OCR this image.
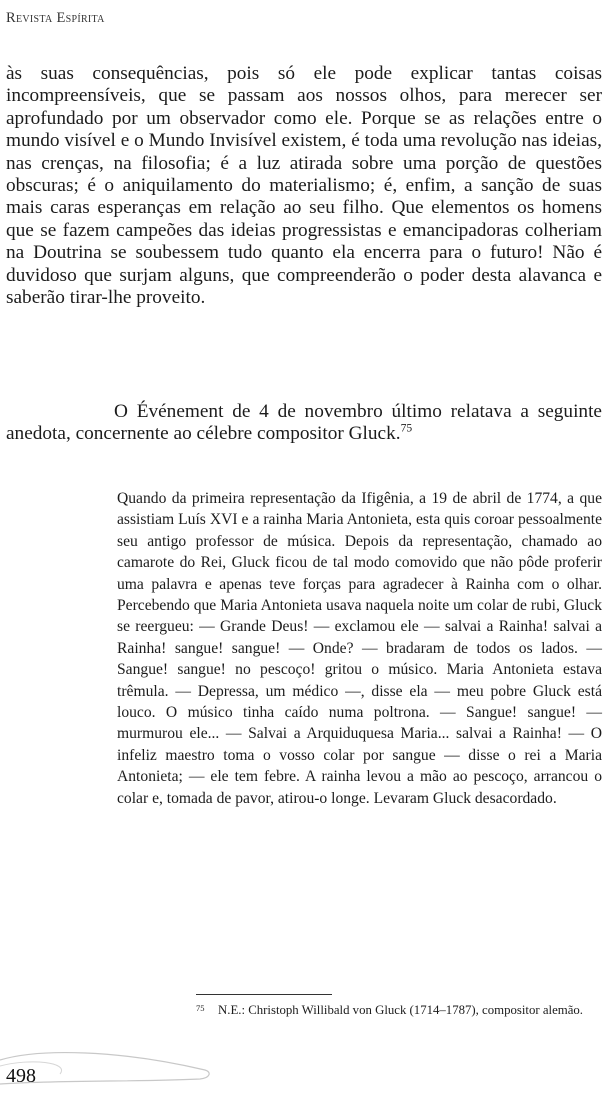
Revista Espírita

às suas consequências, pois só ele pode explicar tantas coisas incompreensíveis, que se passam aos nossos olhos, para merecer ser aprofundado por um observador como ele. Porque se as relações entre o mundo visível e o Mundo Invisível existem, é toda uma revolução nas ideias, nas crenças, na filosofia; é a luz atirada sobre uma porção de questões obscuras; é o aniquilamento do materialismo; é, enfim, a sanção de suas mais caras esperanças em relação ao seu filho. Que elementos os homens que se fazem campeões das ideias progressistas e emancipadoras colheriam na Doutrina se soubessem tudo quanto ela encerra para o futuro! Não é duvidoso que surjam alguns, que compreenderão o poder desta alavanca e saberão tirar-lhe proveito.

O Événement de 4 de novembro último relatava a seguinte anedota, concernente ao célebre compositor Gluck.$^{75}$

Quando da primeira representação da Ifigênia, a 19 de abril de 1774, a que assistiam Luís XVI e a rainha Maria Antonieta, esta quis coroar pessoalmente seu antigo professor de música. Depois da representação, chamado ao camarote do Rei, Gluck ficou de tal modo comovido que não pôde proferir uma palavra e apenas teve forças para agradecer à Rainha com o olhar. Percebendo que Maria Antonieta usava naquela noite um colar de rubi, Gluck se reergueu: — Grande Deus! — exclamou ele — salvai a Rainha! salvai a Rainha! sangue! sangue! — Onde? — bradaram de todos os lados. — Sangue! sangue! no pescoço! gritou o músico. Maria Antonieta estava trêmula. — Depressa, um médico —, disse ela — meu pobre Gluck está louco. O músico tinha caído numa poltrona. — Sangue! sangue! — murmurou ele... — Salvai a Arquiduquesa Maria... salvai a Rainha! — O infeliz maestro toma o vosso colar por sangue — disse o rei a Maria Antonieta; — ele tem febre. A rainha levou a mão ao pescoço, arrancou o colar e, tomada de pavor, atirou-o longe. Levaram Gluck desacordado.

75 N.E.: Christoph Willibald von Gluck (1714–1787), compositor alemão.

498
